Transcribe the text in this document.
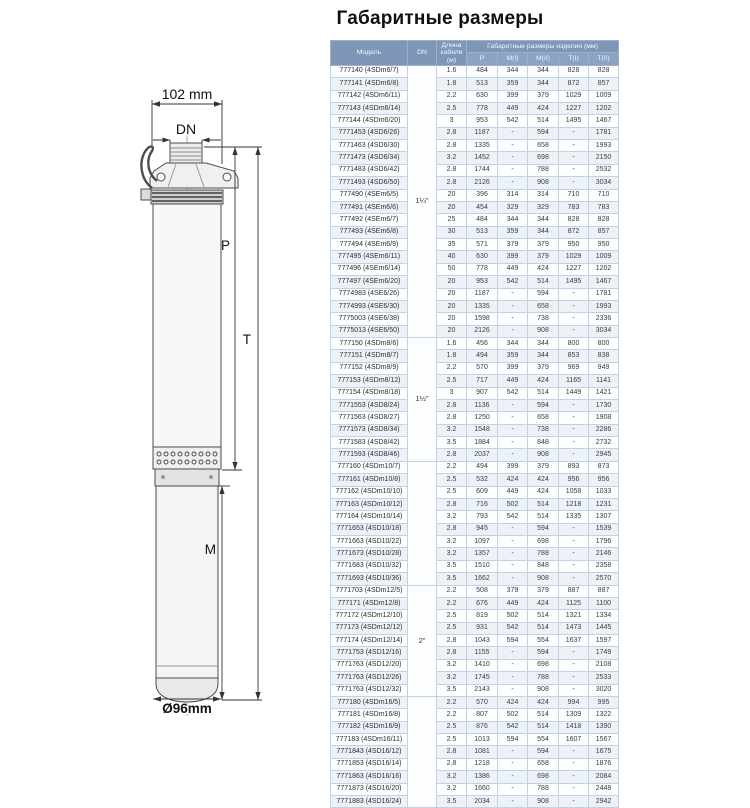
Габаритные размеры
102 mm
DN
P
T
M
Ø96mm
Модель	DN	Длина кабеля (м)	Габаритные размеры изделия (мм)				
			P	M(I)	M(II)	T(I)	T(II)
777140 (4SDm6/7)	1¼"	1.6	484	344	344	828	828
777141 (4SDm6/8)		1.8	513	359	344	872	857
777142 (4SDm6/11)		2.2	630	399	379	1029	1009
777143 (4SDm6/14)		2.5	778	449	424	1227	1202
777144 (4SDm6/20)		3	953	542	514	1495	1467
7771453 (4SD6/26)		2.8	1187	-	594	-	1781
7771463 (4SD6/30)		2.8	1335	-	658	-	1993
7771473 (4SD6/34)		3.2	1452	-	698	-	2150
7771483 (4SD6/42)		2.8	1744	-	788	-	2532
7771493 (4SD6/50)		2.8	2126	-	908	-	3034
777490 (4SEm6/5)		20	396	314	314	710	710
777491 (4SEm6/6)		20	454	329	329	783	783
777492 (4SEm6/7)		25	484	344	344	828	828
777493 (4SEm6/8)		30	513	359	344	872	857
777494 (4SEm6/9)		35	571	379	379	950	950
777495 (4SEm6/11)		40	630	399	379	1029	1009
777496 (4SEm6/14)		50	778	449	424	1227	1202
777497 (4SEm6/20)		20	953	542	514	1495	1467
7774983 (4SE6/26)		20	1187	-	594	-	1781
7774993 (4SE6/30)		20	1335	-	658	-	1993
7775003 (4SE6/38)		20	1598	-	738	-	2336
7775013 (4SE6/50)		20	2126	-	908	-	3034
777150 (4SDm8/6)	1½"	1.6	456	344	344	800	800
777151 (4SDm8/7)		1.8	494	359	344	853	838
777152 (4SDm8/9)		2.2	570	399	379	969	949
777153 (4SDm8/12)		2.5	717	449	424	1165	1141
777154 (4SDm8/18)		3	907	542	514	1449	1421
7771553 (4SD8/24)		2.8	1136	-	594	-	1730
7771563 (4SD8/27)		2.8	1250	-	658	-	1908
7771573 (4SD8/34)		3.2	1548	-	738	-	2286
7771583 (4SD8/42)		3.5	1884	-	848	-	2732
7771593 (4SD8/46)		2.8	2037	-	908	-	2945
777160 (4SDm10/7)		2.2	494	399	379	893	873
777161 (4SDm10/8)		2.5	532	424	424	956	956
777162 (4SDm10/10)		2.5	609	449	424	1058	1033
777163 (4SDm10/12)		2.8	716	502	514	1218	1231
777164 (4SDm10/14)		3.2	793	542	514	1335	1307
7771653 (4SD10/18)		2.8	945	-	594	-	1539
7771663 (4SD10/22)		3.2	1097	-	698	-	1796
7771673 (4SD10/28)		3.2	1357	-	788	-	2146
7771683 (4SD10/32)		3.5	1510	-	848	-	2358
7771693 (4SD10/36)		3.5	1662	-	908	-	2570
7771703 (4SDm12/5)	2"	2.2	508	379	379	887	887
777171 (4SDm12/8)		2.2	676	449	424	1125	1100
777172 (4SDm12/10)		2.5	819	502	514	1321	1334
777173 (4SDm12/12)		2.5	931	542	514	1473	1445
777174 (4SDm12/14)		2.8	1043	594	554	1637	1597
7771753 (4SD12/16)		2.8	1155	-	594	-	1749
7771763 (4SD12/20)		3.2	1410	-	698	-	2108
7771763 (4SD12/26)		3.2	1745	-	788	-	2533
7771763 (4SD12/32)		3.5	2143	-	908	-	3020
777180 (4SDm16/5)		2.2	570	424	424	994	995
777181 (4SDm16/8)		2.2	807	502	514	1309	1322
777182 (4SDm16/9)		2.5	876	542	514	1418	1390
777183 (4SDm16/11)		2.5	1013	594	554	1607	1567
7771843 (4SD16/12)		2.8	1081	-	594	-	1675
7771853 (4SD16/14)		2.8	1218	-	658	-	1876
7771863 (4SD16/16)		3.2	1386	-	698	-	2084
7771873 (4SD16/20)		3.2	1660	-	788	-	2448
7771883 (4SD16/24)		3.5	2034	-	908	-	2942
